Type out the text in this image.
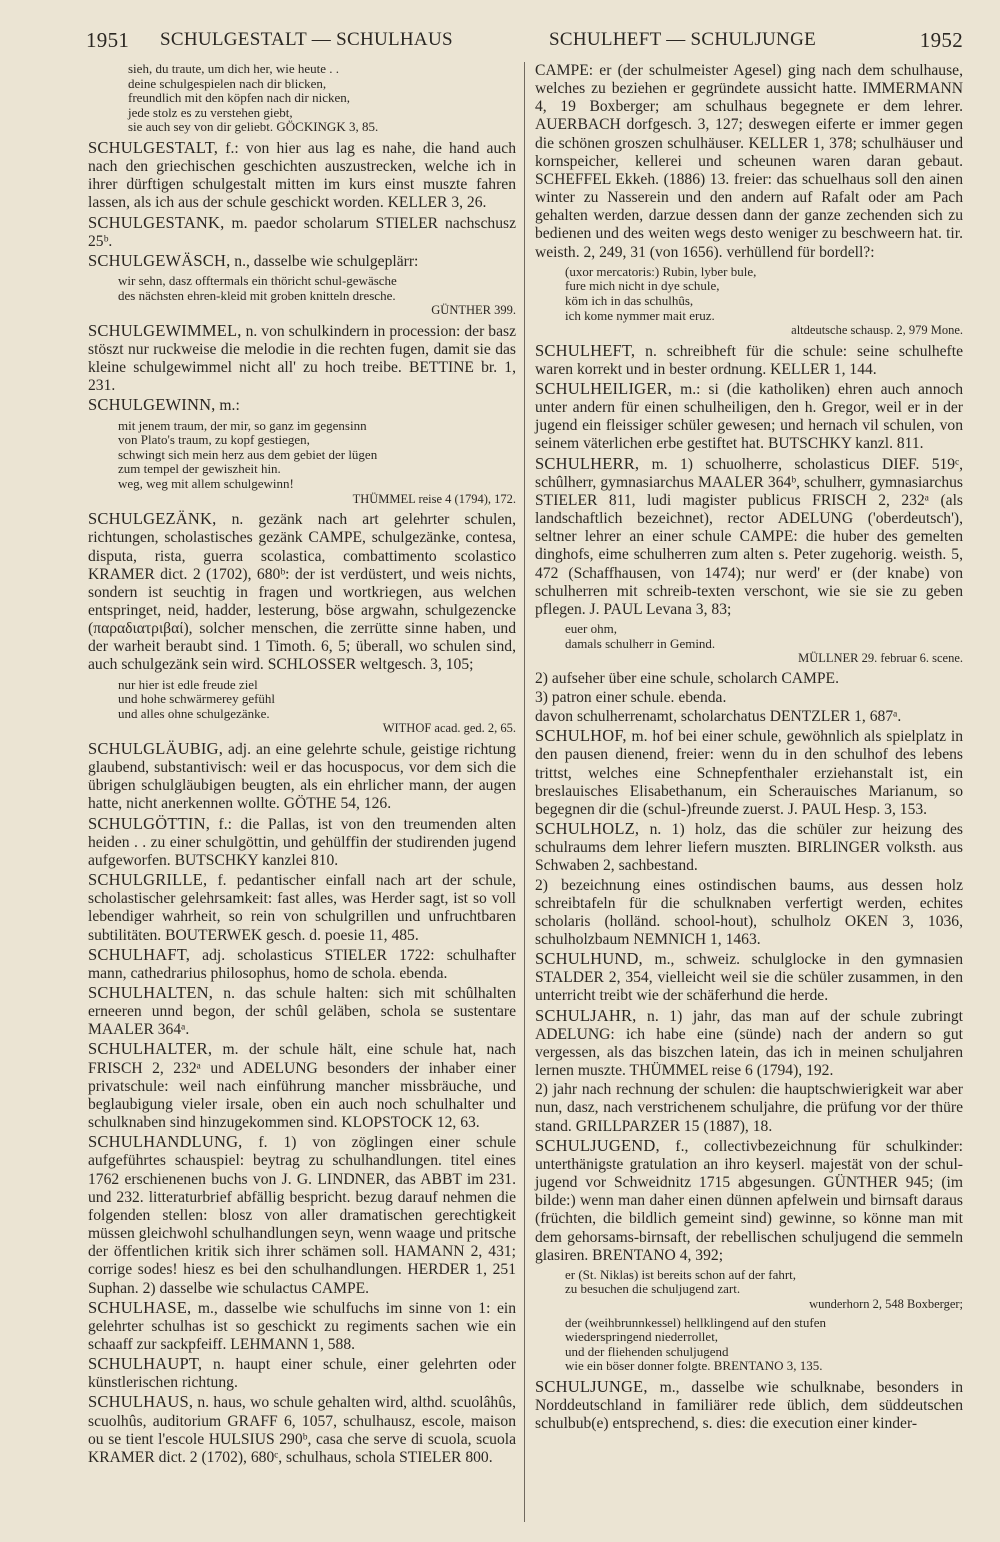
1951 SCHULGESTALT — SCHULHAUS	SCHULHEFT — SCHULJUNGE	1952
sieh, du traute, um dich her, wie heute . .
deine schulgespielen nach dir blicken,
freundlich mit den köpfen nach dir nicken,
jede stolz es zu verstehen giebt,
sie auch sey von dir geliebt. GÖCKINGK 3, 85.

SCHULGESTALT, f.: von hier aus lag es nahe, die hand auch nach den griechischen geschichten auszustrecken, welche ich in ihrer dürftigen schulgestalt mitten im kurs einst muszte fahren lassen, als ich aus der schule geschickt worden. KELLER 3, 26.

SCHULGESTANK, m. paedor scholarum STIELER nachschusz 25ᵇ.

SCHULGEWÄSCH, n., dasselbe wie schulgeplärr:

wir sehn, dasz offtermals ein thöricht schul-gewäsche
des nächsten ehren-kleid mit groben knitteln dresche.
GÜNTHER 399.

SCHULGEWIMMEL, n. von schulkindern in procession: der basz stöszt nur ruckweise die melodie in die rechten fugen, damit sie das kleine schulgewimmel nicht all' zu hoch treibe. BETTINE br. 1, 231.

SCHULGEWINN, m.:

mit jenem traum, der mir, so ganz im gegensinn
von Plato's traum, zu kopf gestiegen,
schwingt sich mein herz aus dem gebiet der lügen
zum tempel der gewiszheit hin.
weg, weg mit allem schulgewinn!
THÜMMEL reise 4 (1794), 172.

SCHULGEZÄNK, n. gezänk nach art gelehrter schulen, richtungen, scholastisches gezänk CAMPE, schulgezänke, contesa, disputa, rista, guerra scolastica, combattimento scolastico KRAMER dict. 2 (1702), 680ᵇ: der ist verdüstert, und weis nichts, sondern ist seuchtig in fragen und wortkriegen, aus welchen entspringet, neid, hadder, lesterung, böse argwahn, schulgezencke (παραδιατριβαί), solcher menschen, die zerrütte sinne haben, und der warheit beraubt sind. 1 Timoth. 6, 5; überall, wo schulen sind, auch schulgezänk sein wird. SCHLOSSER weltgesch. 3, 105;

nur hier ist edle freude ziel
und hohe schwärmerey gefühl
und alles ohne schulgezänke.
WITHOF acad. ged. 2, 65.

SCHULGLÄUBIG, adj. an eine gelehrte schule, geistige richtung glaubend, substantivisch: weil er das hocuspocus, vor dem sich die übrigen schulgläubigen beugten, als ein ehrlicher mann, der augen hatte, nicht anerkennen wollte. GÖTHE 54, 126.

SCHULGÖTTIN, f.: die Pallas, ist von den treumenden alten heiden . . zu einer schulgöttin, und gehülffin der studirenden jugend aufgeworfen. BUTSCHKY kanzlei 810.

SCHULGRILLE, f. pedantischer einfall nach art der schule, scholastischer gelehrsamkeit: fast alles, was Herder sagt, ist so voll lebendiger wahrheit, so rein von schulgrillen und unfruchtbaren subtilitäten. BOUTERWEK gesch. d. poesie 11, 485.

SCHULHAFT, adj. scholasticus STIELER 1722: schulhafter mann, cathedrarius philosophus, homo de schola. ebenda.

SCHULHALTEN, n. das schule halten: sich mit schûlhalten erneeren unnd begon, der schûl geläben, schola se sustentare MAALER 364ᵃ.

SCHULHALTER, m. der schule hält, eine schule hat, nach FRISCH 2, 232ᵃ und ADELUNG besonders der inhaber einer privatschule: weil nach einführung mancher missbräuche, und beglaubigung vieler irsale, oben ein auch noch schulhalter und schulknaben sind hinzugekommen sind. KLOPSTOCK 12, 63.

SCHULHANDLUNG, f. 1) von zöglingen einer schule aufgeführtes schauspiel: beytrag zu schulhandlungen. titel eines 1762 erschienenen buchs von J. G. LINDNER, das ABBT im 231. und 232. litteraturbrief abfällig bespricht. bezug darauf nehmen die folgenden stellen: blosz von aller dramatischen gerechtigkeit müssen gleichwohl schulhandlungen seyn, wenn waage und pritsche der öffentlichen kritik sich ihrer schämen soll. HAMANN 2, 431; corrige sodes! hiesz es bei den schulhandlungen. HERDER 1, 251 Suphan. 2) dasselbe wie schulactus CAMPE.

SCHULHASE, m., dasselbe wie schulfuchs im sinne von 1: ein gelehrter schulhas ist so geschickt zu regiments sachen wie ein schaaff zur sackpfeiff. LEHMANN 1, 588.

SCHULHAUPT, n. haupt einer schule, einer gelehrten oder künstlerischen richtung.

SCHULHAUS, n. haus, wo schule gehalten wird, althd. scuolâhûs, scuolhûs, auditorium GRAFF 6, 1057, schulhausz, escole, maison ou se tient l'escole HULSIUS 290ᵇ, casa che serve di scuola, scuola KRAMER dict. 2 (1702), 680ᶜ, schulhaus, schola STIELER 800.

CAMPE: er (der schulmeister Agesel) ging nach dem schulhause, welches zu beziehen er gegründete aussicht hatte. IMMERMANN 4, 19 Boxberger; am schulhaus begegnete er dem lehrer. AUERBACH dorfgesch. 3, 127; deswegen eiferte er immer gegen die schönen groszen schulhäuser. KELLER 1, 378; schulhäuser und kornspeicher, kellerei und scheunen waren daran gebaut. SCHEFFEL Ekkeh. (1886) 13. freier: das schuelhaus soll den ainen winter zu Nasserein und den andern auf Rafalt oder am Pach gehalten werden, darzue dessen dann der ganze zechenden sich zu bedienen und des weiten wegs desto weniger zu beschweern hat. tir. weisth. 2, 249, 31 (von 1656). verhüllend für bordell?:

(uxor mercatoris:) Rubin, lyber bule,
fure mich nicht in dye schule,
köm ich in das schulhûs,
ich kome nymmer mait eruz.
altdeutsche schausp. 2, 979 Mone.

SCHULHEFT, n. schreibheft für die schule: seine schulhefte waren korrekt und in bester ordnung. KELLER 1, 144.

SCHULHEILIGER, m.: si (die katholiken) ehren auch annoch unter andern für einen schulheiligen, den h. Gregor, weil er in der jugend ein fleissiger schüler gewesen; und hernach vil schulen, von seinem väterlichen erbe gestiftet hat. BUTSCHKY kanzl. 811.

SCHULHERR, m. 1) schuolherre, scholasticus DIEF. 519ᶜ, schûlherr, gymnasiarchus MAALER 364ᵇ, schulherr, gymnasiarchus STIELER 811, ludi magister publicus FRISCH 2, 232ᵃ (als landschaftlich bezeichnet), rector ADELUNG ('oberdeutsch'), seltner lehrer an einer schule CAMPE: die huber des gemelten dinghofs, eime schulherren zum alten s. Peter zugehorig. weisth. 5, 472 (Schaffhausen, von 1474); nur werd' er (der knabe) von schulherren mit schreib-texten verschont, wie sie sie zu geben pflegen. J. PAUL Levana 3, 83;

euer ohm,
damals schulherr in Gemind.
MÜLLNER 29. februar 6. scene.

2) aufseher über eine schule, scholarch CAMPE.

3) patron einer schule. ebenda.

davon schulherrenamt, scholarchatus DENTZLER 1, 687ᵃ.

SCHULHOF, m. hof bei einer schule, gewöhnlich als spielplatz in den pausen dienend, freier: wenn du in den schulhof des lebens trittst, welches eine Schnepfenthaler erziehanstalt ist, ein breslauisches Elisabethanum, ein Scherauisches Marianum, so begegnen dir die (schul-)freunde zuerst. J. PAUL Hesp. 3, 153.

SCHULHOLZ, n. 1) holz, das die schüler zur heizung des schulraums dem lehrer liefern muszten. BIRLINGER volksth. aus Schwaben 2, sachbestand.

2) bezeichnung eines ostindischen baums, aus dessen holz schreibtafeln für die schulknaben verfertigt werden, echites scholaris (holländ. school-hout), schulholz OKEN 3, 1036, schulholzbaum NEMNICH 1, 1463.

SCHULHUND, m., schweiz. schulglocke in den gymnasien STALDER 2, 354, vielleicht weil sie die schüler zusammen, in den unterricht treibt wie der schäferhund die herde.

SCHULJAHR, n. 1) jahr, das man auf der schule zubringt ADELUNG: ich habe eine (sünde) nach der andern so gut vergessen, als das biszchen latein, das ich in meinen schuljahren lernen muszte. THÜMMEL reise 6 (1794), 192.

2) jahr nach rechnung der schulen: die hauptschwierigkeit war aber nun, dasz, nach verstrichenem schuljahre, die prüfung vor der thüre stand. GRILLPARZER 15 (1887), 18.

SCHULJUGEND, f., collectivbezeichnung für schulkinder: unterthänigste gratulation an ihro keyserl. majestät von der schul-jugend vor Schweidnitz 1715 abgesungen. GÜNTHER 945; (im bilde:) wenn man daher einen dünnen apfelwein und birnsaft daraus (früchten, die bildlich gemeint sind) gewinne, so könne man mit dem gehorsams-birnsaft, der rebellischen schuljugend die semmeln glasiren. BRENTANO 4, 392;

er (St. Niklas) ist bereits schon auf der fahrt,
zu besuchen die schuljugend zart.
wunderhorn 2, 548 Boxberger;
der (weihbrunnkessel) hellklingend auf den stufen
wiederspringend niederrollet,
und der fliehenden schuljugend
wie ein böser donner folgte. BRENTANO 3, 135.

SCHULJUNGE, m., dasselbe wie schulknabe, besonders in Norddeutschland in familiärer rede üblich, dem süddeutschen schulbub(e) entsprechend, s. dies: die execution einer kinder-
